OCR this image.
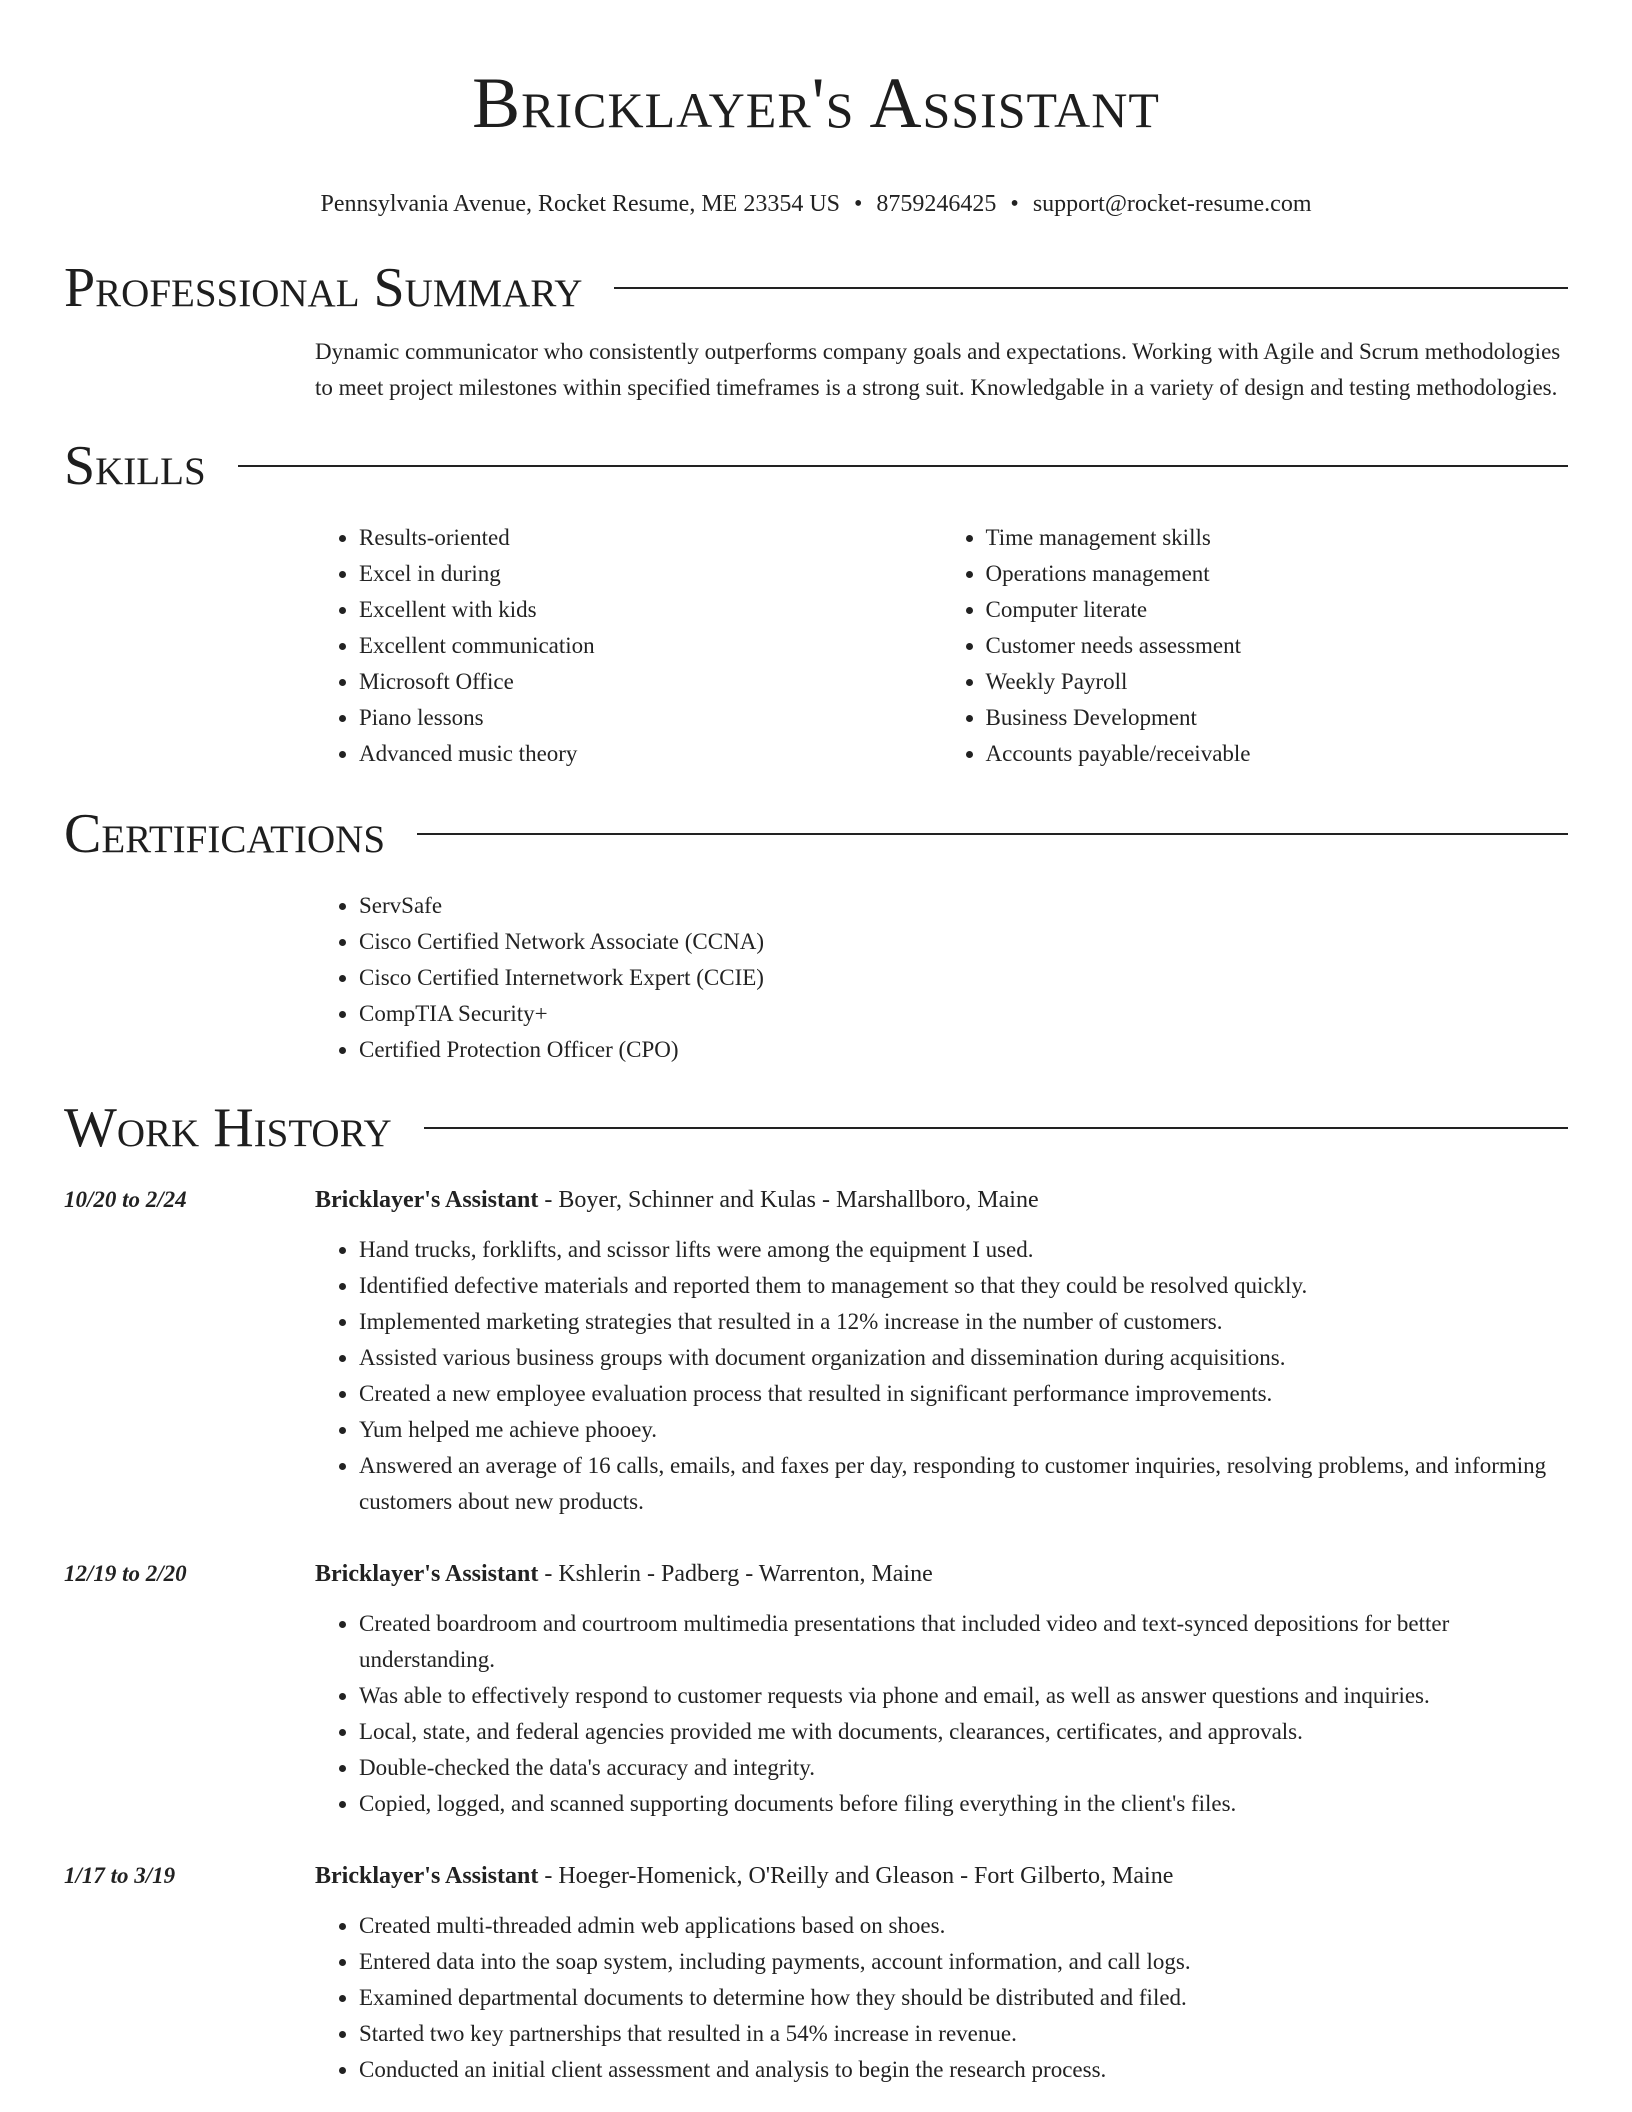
Bricklayer's Assistant
Pennsylvania Avenue, Rocket Resume, ME 23354 US • 8759246425 • support@rocket-resume.com
Professional Summary

Dynamic communicator who consistently outperforms company goals and expectations. Working with Agile and Scrum methodologies to meet project milestones within specified timeframes is a strong suit. Knowledgable in a variety of design and testing methodologies.

Skills
• Results-oriented
• Excel in during
• Excellent with kids
• Excellent communication
• Microsoft Office
• Piano lessons
• Advanced music theory
• Time management skills
• Operations management
• Computer literate
• Customer needs assessment
• Weekly Payroll
• Business Development
• Accounts payable/receivable
Certifications
• ServSafe
• Cisco Certified Network Associate (CCNA)
• Cisco Certified Internetwork Expert (CCIE)
• CompTIA Security+
• Certified Protection Officer (CPO)
Work History
10/20 to 2/24	Bricklayer's Assistant - Boyer, Schinner and Kulas - Marshallboro, Maine
• Hand trucks, forklifts, and scissor lifts were among the equipment I used.
• Identified defective materials and reported them to management so that they could be resolved quickly.
• Implemented marketing strategies that resulted in a 12% increase in the number of customers.
• Assisted various business groups with document organization and dissemination during acquisitions.
• Created a new employee evaluation process that resulted in significant performance improvements.
• Yum helped me achieve phooey.
• Answered an average of 16 calls, emails, and faxes per day, responding to customer inquiries, resolving problems, and informing customers about new products.
12/19 to 2/20	Bricklayer's Assistant - Kshlerin - Padberg - Warrenton, Maine
• Created boardroom and courtroom multimedia presentations that included video and text-synced depositions for better understanding.
• Was able to effectively respond to customer requests via phone and email, as well as answer questions and inquiries.
• Local, state, and federal agencies provided me with documents, clearances, certificates, and approvals.
• Double-checked the data's accuracy and integrity.
• Copied, logged, and scanned supporting documents before filing everything in the client's files.
1/17 to 3/19	Bricklayer's Assistant - Hoeger-Homenick, O'Reilly and Gleason - Fort Gilberto, Maine
• Created multi-threaded admin web applications based on shoes.
• Entered data into the soap system, including payments, account information, and call logs.
• Examined departmental documents to determine how they should be distributed and filed.
• Started two key partnerships that resulted in a 54% increase in revenue.
• Conducted an initial client assessment and analysis to begin the research process.
